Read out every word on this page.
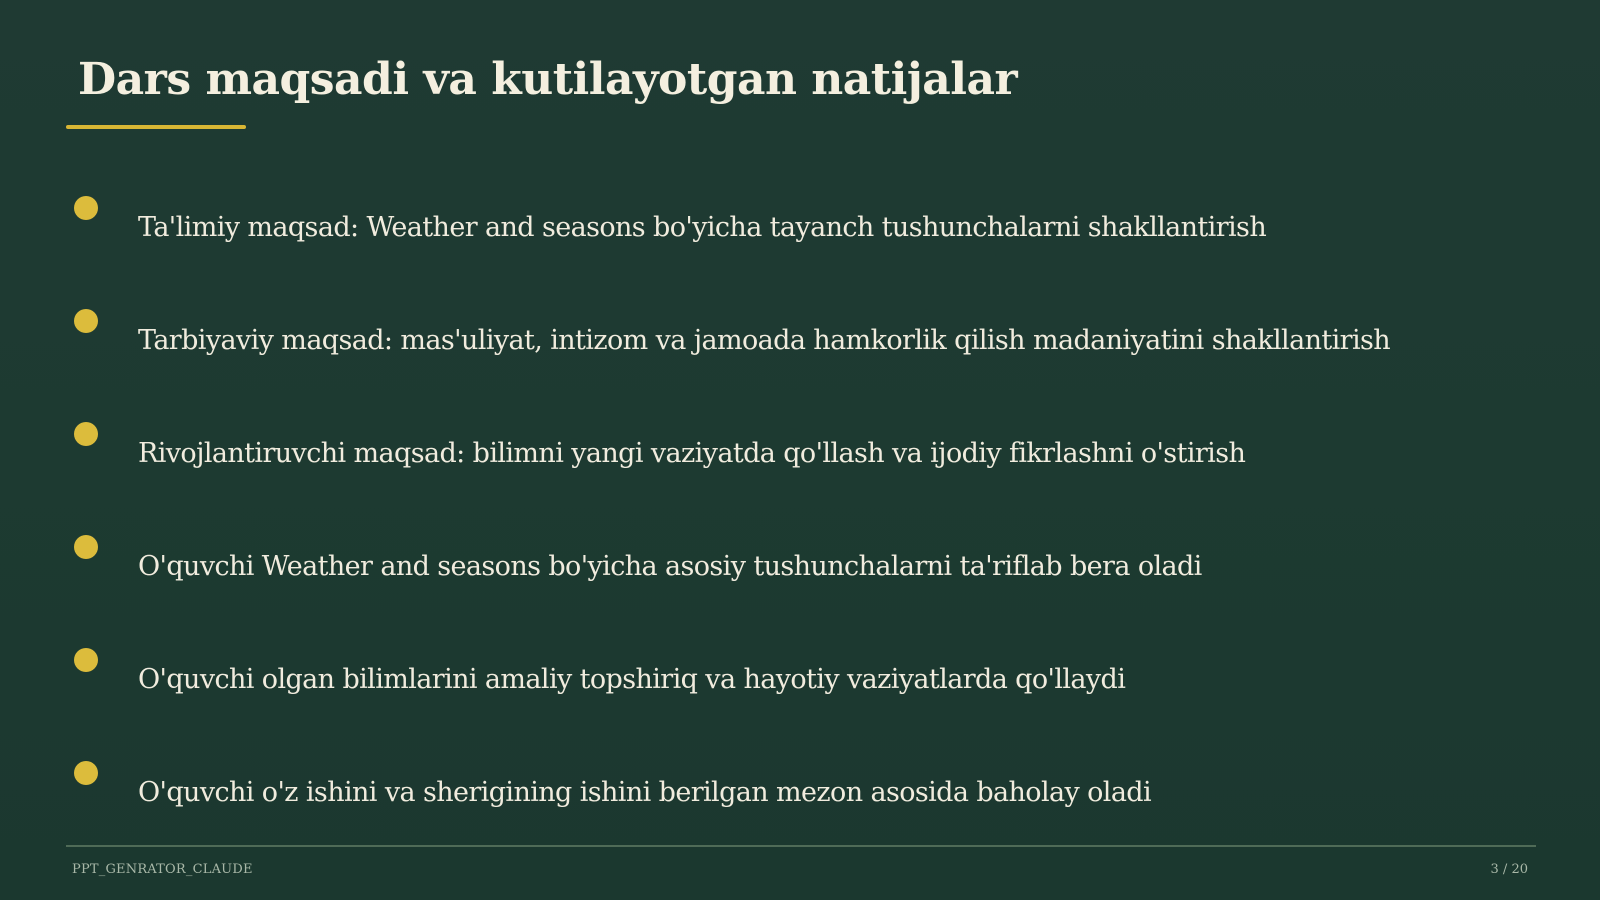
Dars maqsadi va kutilayotgan natijalar
Ta'limiy maqsad: Weather and seasons bo'yicha tayanch tushunchalarni shakllantirish
Tarbiyaviy maqsad: mas'uliyat, intizom va jamoada hamkorlik qilish madaniyatini shakllantirish
Rivojlantiruvchi maqsad: bilimni yangi vaziyatda qo'llash va ijodiy fikrlashni o'stirish
O'quvchi Weather and seasons bo'yicha asosiy tushunchalarni ta'riflab bera oladi
O'quvchi olgan bilimlarini amaliy topshiriq va hayotiy vaziyatlarda qo'llaydi
O'quvchi o'z ishini va sherigining ishini berilgan mezon asosida baholay oladi
PPT_GENRATOR_CLAUDE	3 / 20
